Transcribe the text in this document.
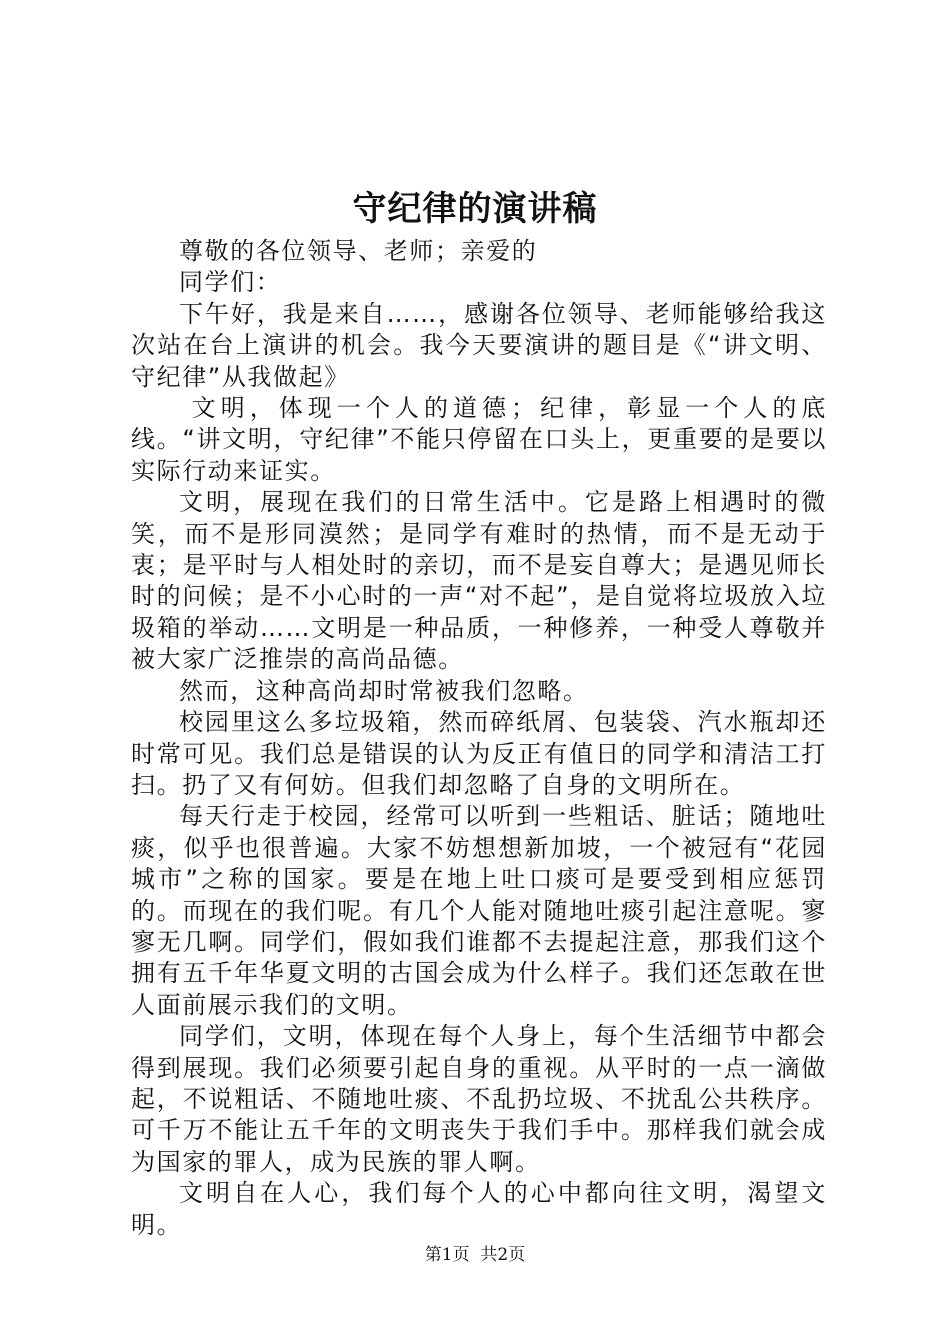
守纪律的演讲稿

尊敬的各位领导、老师；亲爱的

同学们：

下午好，我是来自……，感谢各位领导、老师能够给我这次站在台上演讲的机会。我今天要演讲的题目是《“讲文明、守纪律”从我做起》

文明，体现一个人的道德；纪律，彰显一个人的底线。“讲文明，守纪律”不能只停留在口头上，更重要的是要以实际行动来证实。

文明，展现在我们的日常生活中。它是路上相遇时的微笑，而不是形同漠然；是同学有难时的热情，而不是无动于衷；是平时与人相处时的亲切，而不是妄自尊大；是遇见师长时的问候；是不小心时的一声“对不起”，是自觉将垃圾放入垃圾箱的举动……文明是一种品质，一种修养，一种受人尊敬并被大家广泛推崇的高尚品德。

然而，这种高尚却时常被我们忽略。

校园里这么多垃圾箱，然而碎纸屑、包装袋、汽水瓶却还时常可见。我们总是错误的认为反正有值日的同学和清洁工打扫。扔了又有何妨。但我们却忽略了自身的文明所在。

每天行走于校园，经常可以听到一些粗话、脏话；随地吐痰，似乎也很普遍。大家不妨想想新加坡，一个被冠有“花园城市”之称的国家。要是在地上吐口痰可是要受到相应惩罚的。而现在的我们呢。有几个人能对随地吐痰引起注意呢。寥寥无几啊。同学们，假如我们谁都不去提起注意，那我们这个拥有五千年华夏文明的古国会成为什么样子。我们还怎敢在世人面前展示我们的文明。

同学们，文明，体现在每个人身上，每个生活细节中都会得到展现。我们必须要引起自身的重视。从平时的一点一滴做起，不说粗话、不随地吐痰、不乱扔垃圾、不扰乱公共秩序。可千万不能让五千年的文明丧失于我们手中。那样我们就会成为国家的罪人，成为民族的罪人啊。

文明自在人心，我们每个人的心中都向往文明，渴望文明。

第1页  共2页
